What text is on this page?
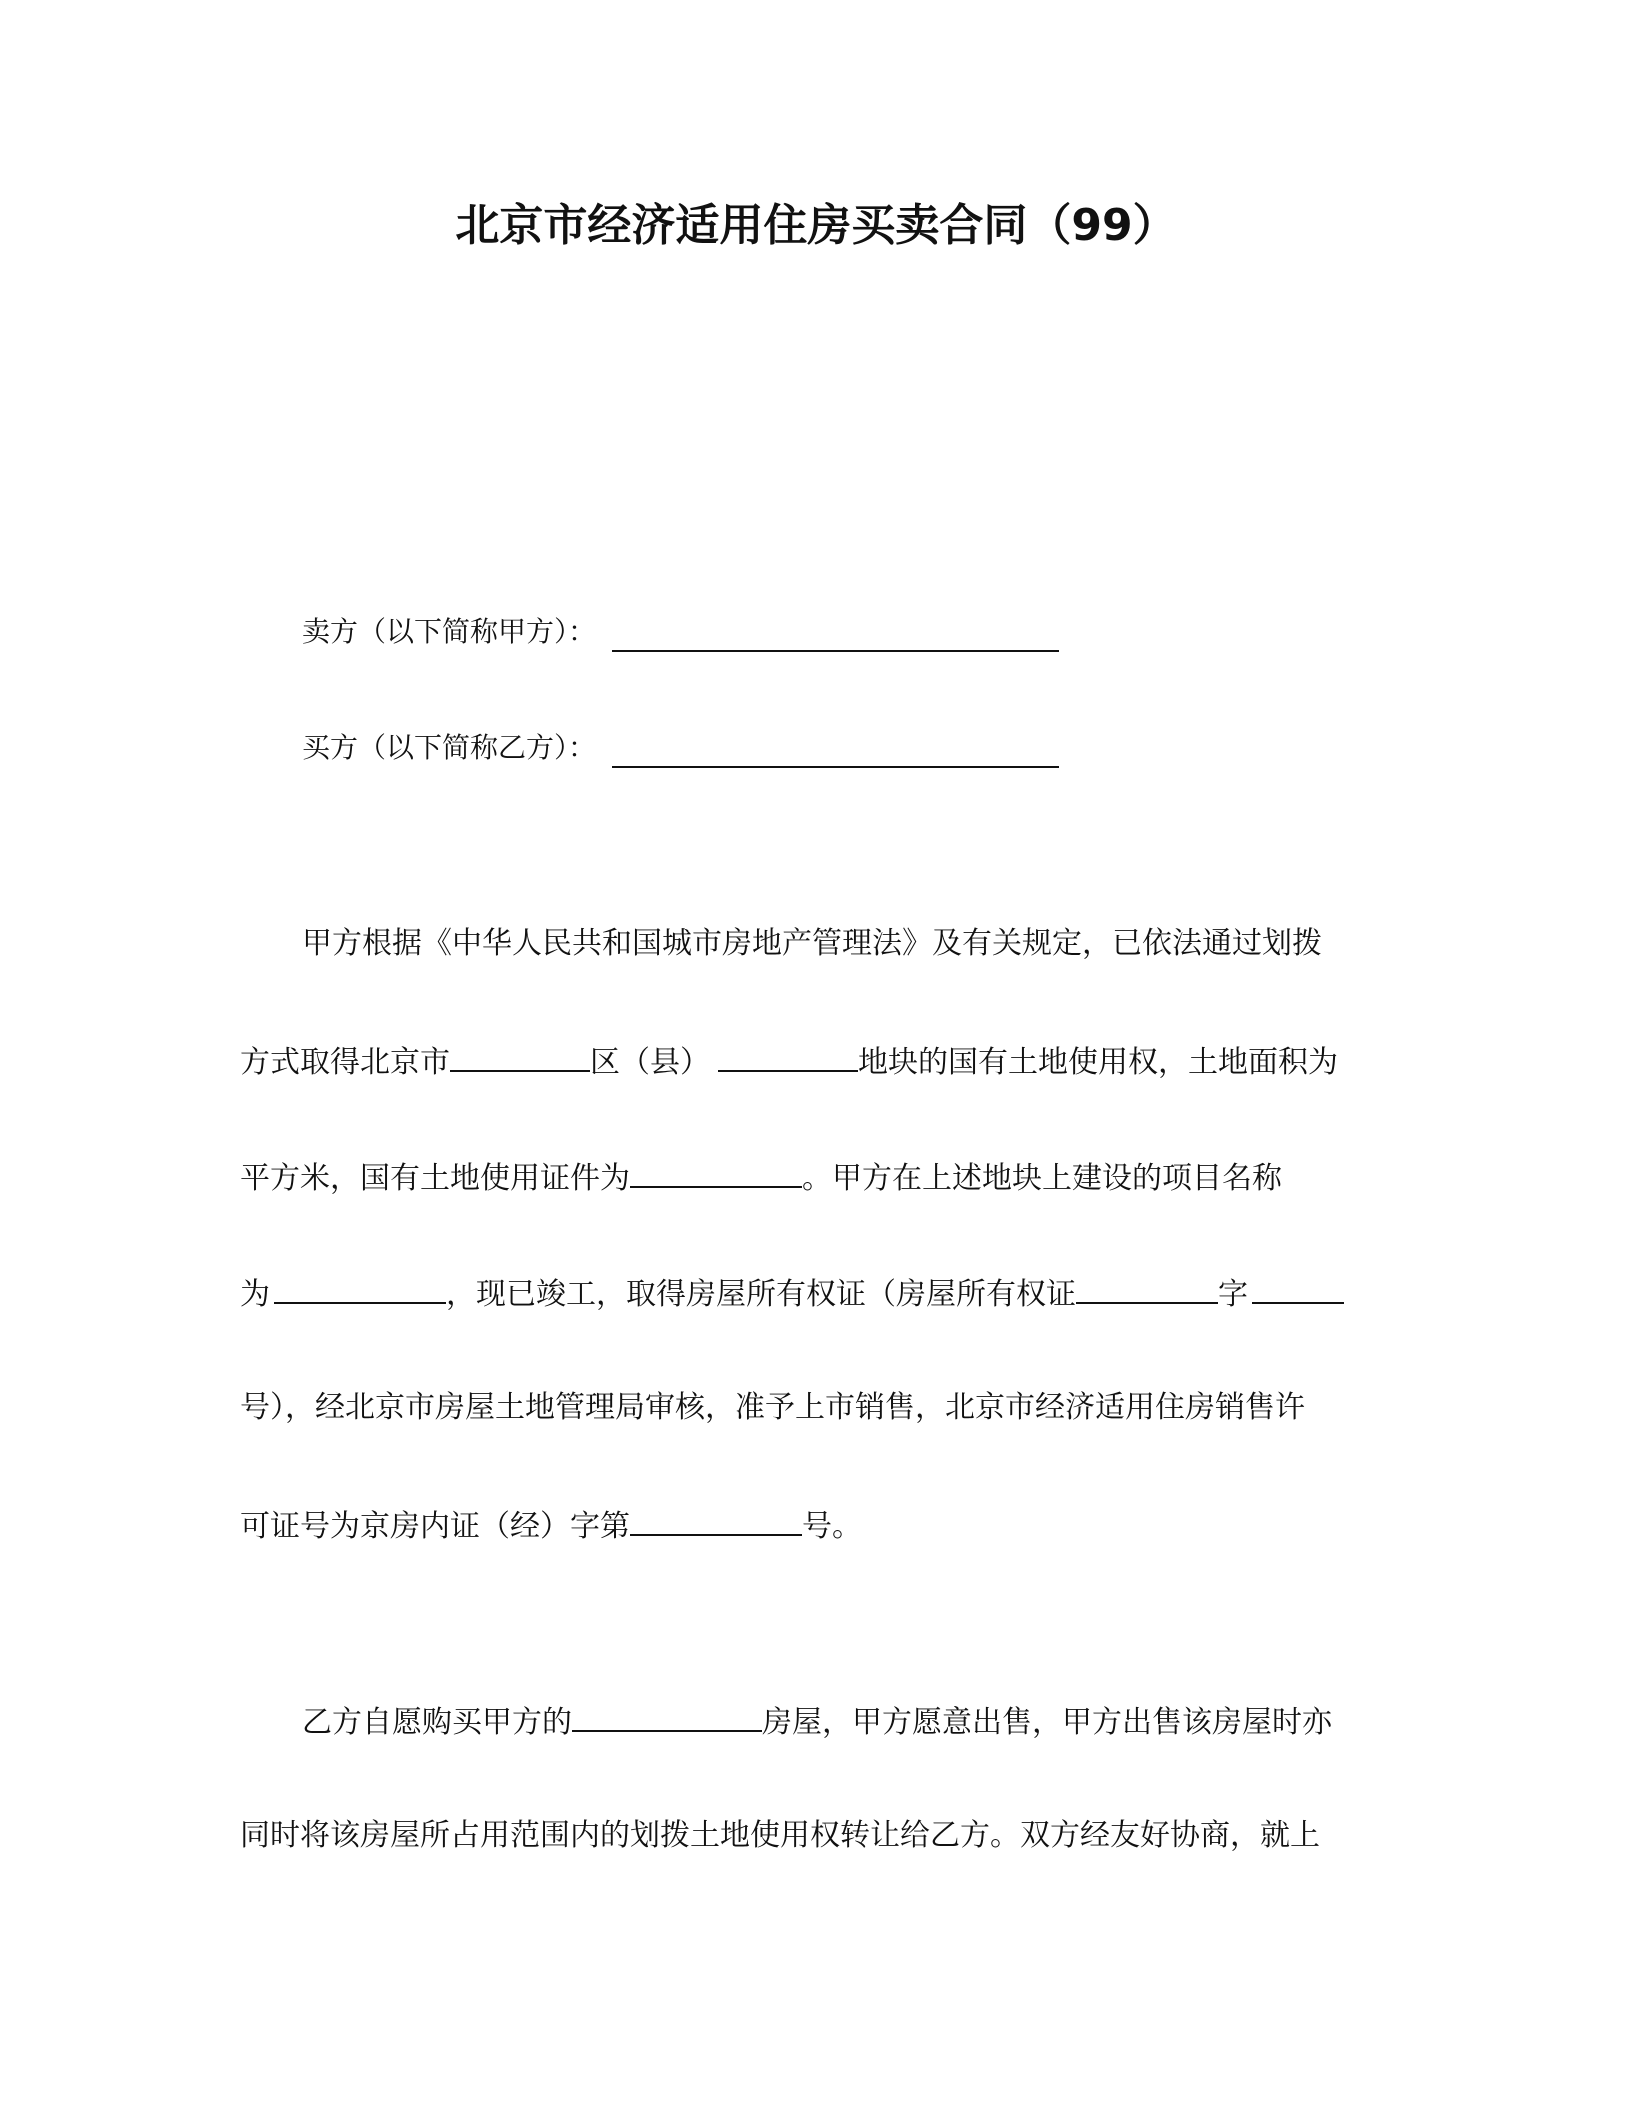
北京市经济适用住房买卖合同（99）
卖方（以下简称甲方）：
买方（以下简称乙方）：
甲方根据《中华人民共和国城市房地产管理法》及有关规定，已依法通过划拨
方式取得北京市	区（县）	地块的国有土地使用权，土地面积为
平方米，国有土地使用证件为	。甲方在上述地块上建设的项目名称
为	，现已竣工，取得房屋所有权证（房屋所有权证	字
号），经北京市房屋土地管理局审核，准予上市销售，北京市经济适用住房销售许
可证号为京房内证（经）字第	号。
乙方自愿购买甲方的	房屋，甲方愿意出售，甲方出售该房屋时亦
同时将该房屋所占用范围内的划拨土地使用权转让给乙方。双方经友好协商，就上
